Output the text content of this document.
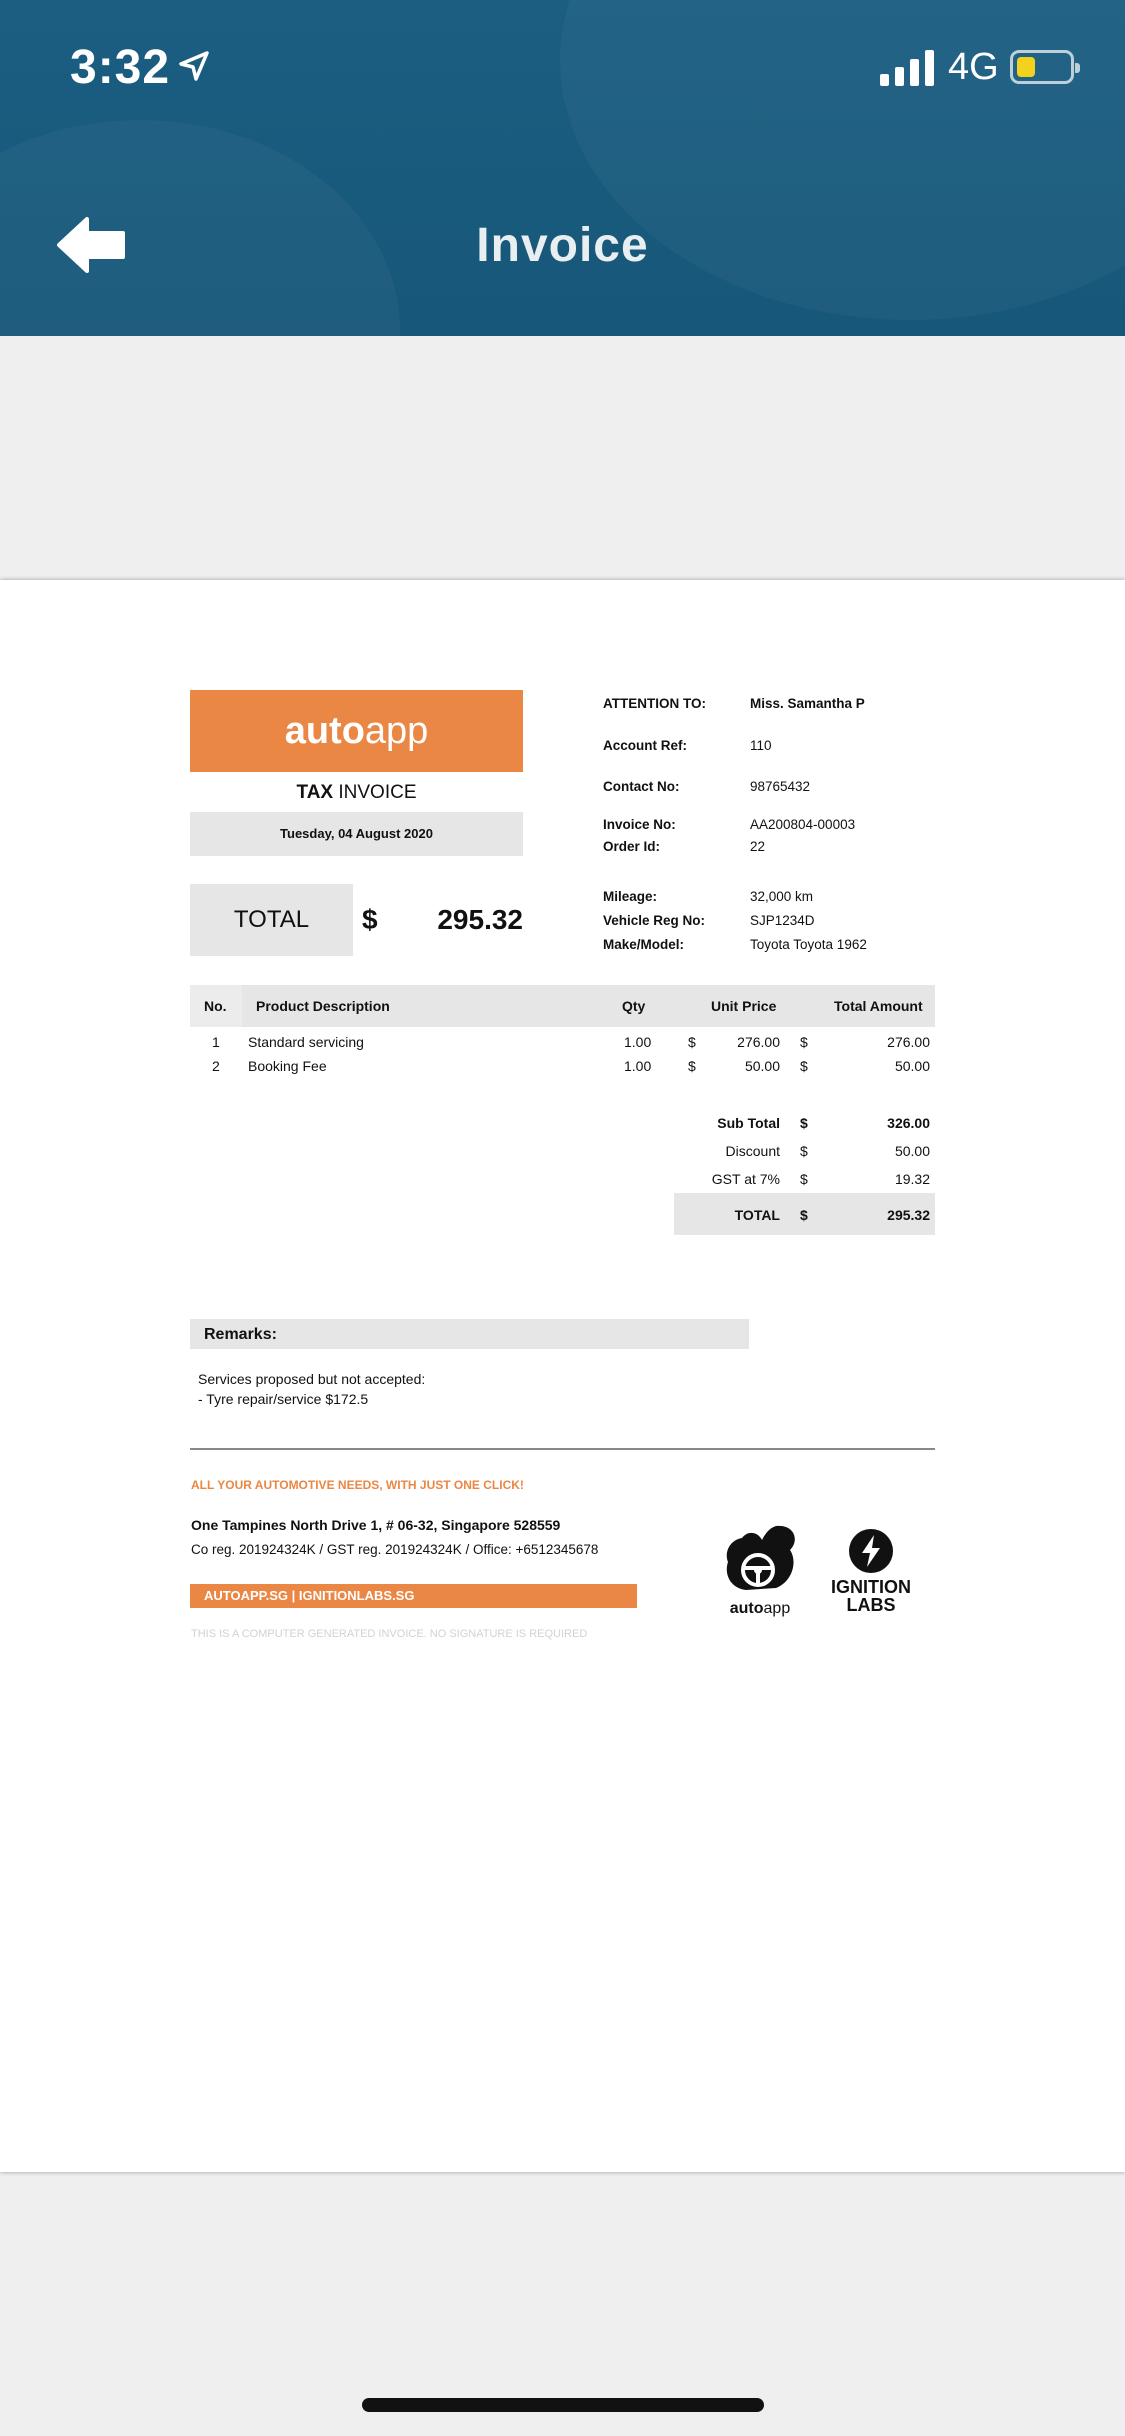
3:32	4G
Invoice
autoapp
TAX INVOICE
Tuesday, 04 August 2020
TOTAL	$	295.32
ATTENTION TO:	Miss. Samantha P
Account Ref:	110
Contact No:	98765432
Invoice No:	AA200804-00003
Order Id:	22
Mileage:	32,000 km
Vehicle Reg No:	SJP1234D
Make/Model:	Toyota Toyota 1962
No. Product Description	Qty	Unit Price	Total Amount
1 Standard servicing	1.00	$	276.00 $	276.00
2 Booking Fee	1.00	$	50.00 $	50.00
Sub Total $	326.00
Discount $	50.00
GST at 7% $	19.32
TOTAL $	295.32
Remarks:
Services proposed but not accepted:
- Tyre repair/service $172.5
ALL YOUR AUTOMOTIVE NEEDS, WITH JUST ONE CLICK!
One Tampines North Drive 1, # 06-32, Singapore 528559
Co reg. 201924324K / GST reg. 201924324K / Office: +6512345678
AUTOAPP.SG | IGNITIONLABS.SG
THIS IS A COMPUTER GENERATED INVOICE. NO SIGNATURE IS REQUIRED
autoapp
IGNITION
LABS
